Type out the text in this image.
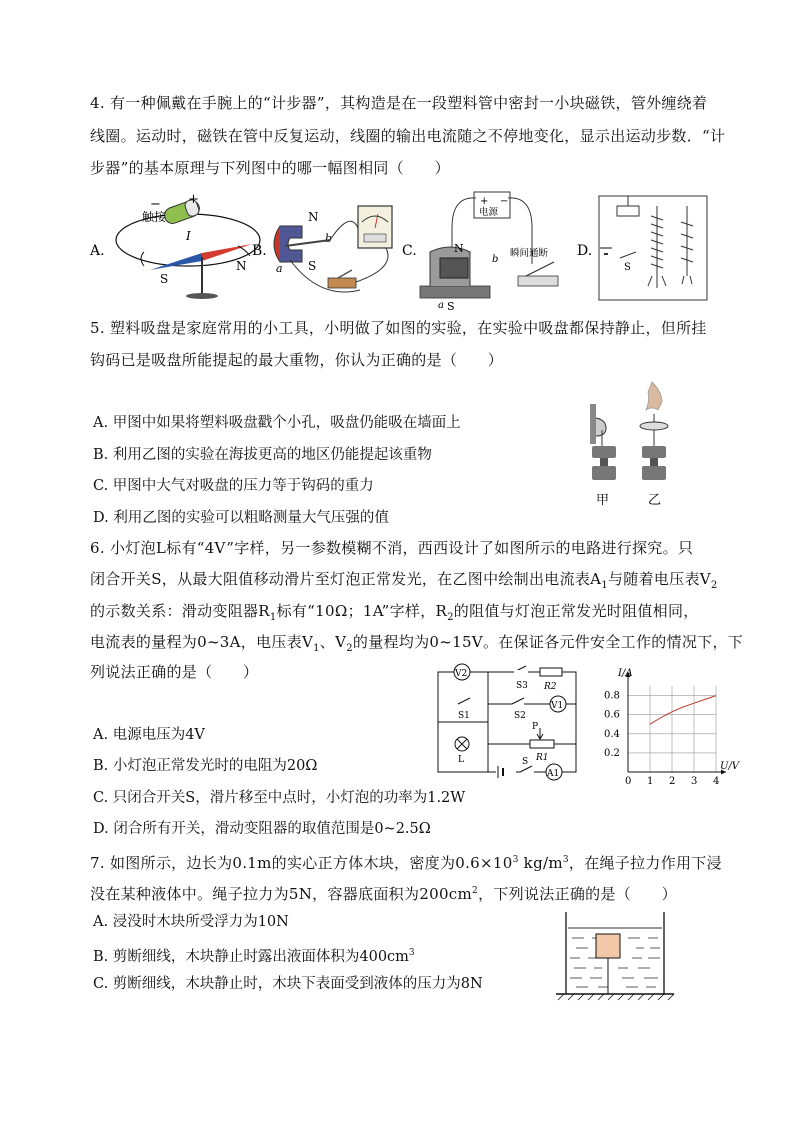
4. 有一种佩戴在手腕上的“计步器”，其构造是在一段塑料管中密封一小块磁铁，管外缠绕着
线圈。运动时，磁铁在管中反复运动，线圈的输出电流随之不停地变化，显示出运动步数．“计
步器”的基本原理与下列图中的哪一幅图相同（　　）
A.
触接
+
−
I
S
N
B.
N
S
a
b
C.
+ −
电源
N
S
a
b
瞬间通断 D.
S
5. 塑料吸盘是家庭常用的小工具，小明做了如图的实验，在实验中吸盘都保持静止，但所挂
钩码已是吸盘所能提起的最大重物，你认为正确的是（　　）
A. 甲图中如果将塑料吸盘戳个小孔，吸盘仍能吸在墙面上
B. 利用乙图的实验在海拔更高的地区仍能提起该重物
C. 甲图中大气对吸盘的压力等于钩码的重力
D. 利用乙图的实验可以粗略测量大气压强的值
甲	乙
6. 小灯泡L标有“4V”字样，另一参数模糊不消，西西设计了如图所示的电路进行探究。只
闭合开关S，从最大阻值移动滑片至灯泡正常发光，在乙图中绘制出电流表$A_1$与随着电压表$V_2$
的示数关系：滑动变阻器$R_1$标有“10Ω；1A”字样，$R_2$的阻值与灯泡正常发光时阻值相同，
电流表的量程为0~3A，电压表$V_1$、$V_2$的量程均为0~15V。在保证各元件安全工作的情况下，下
列说法正确的是（　　）
A. 电源电压为4V
B. 小灯泡正常发光时的电阻为20Ω
C. 只闭合开关S，滑片移至中点时，小灯泡的功率为1.2W
D. 闭合所有开关，滑动变阻器的取值范围是0~2.5Ω
V2
S3 R2
S1	S2
V1
L
P
R1
S
A1
0 1 2 3 4
0.2
0.4
0.6
0.8
I/A
U/V
7. 如图所示，边长为0.1m的实心正方体木块，密度为$0.6\times 10^3$ $kg/m^3$，在绳子拉力作用下浸
没在某种液体中。绳子拉力为5N，容器底面积为$200cm^2$，下列说法正确的是（　　）
A. 浸没时木块所受浮力为10N
B. 剪断细线，木块静止时露出液面体积为$400cm^3$
C. 剪断细线，木块静止时，木块下表面受到液体的压力为8N
